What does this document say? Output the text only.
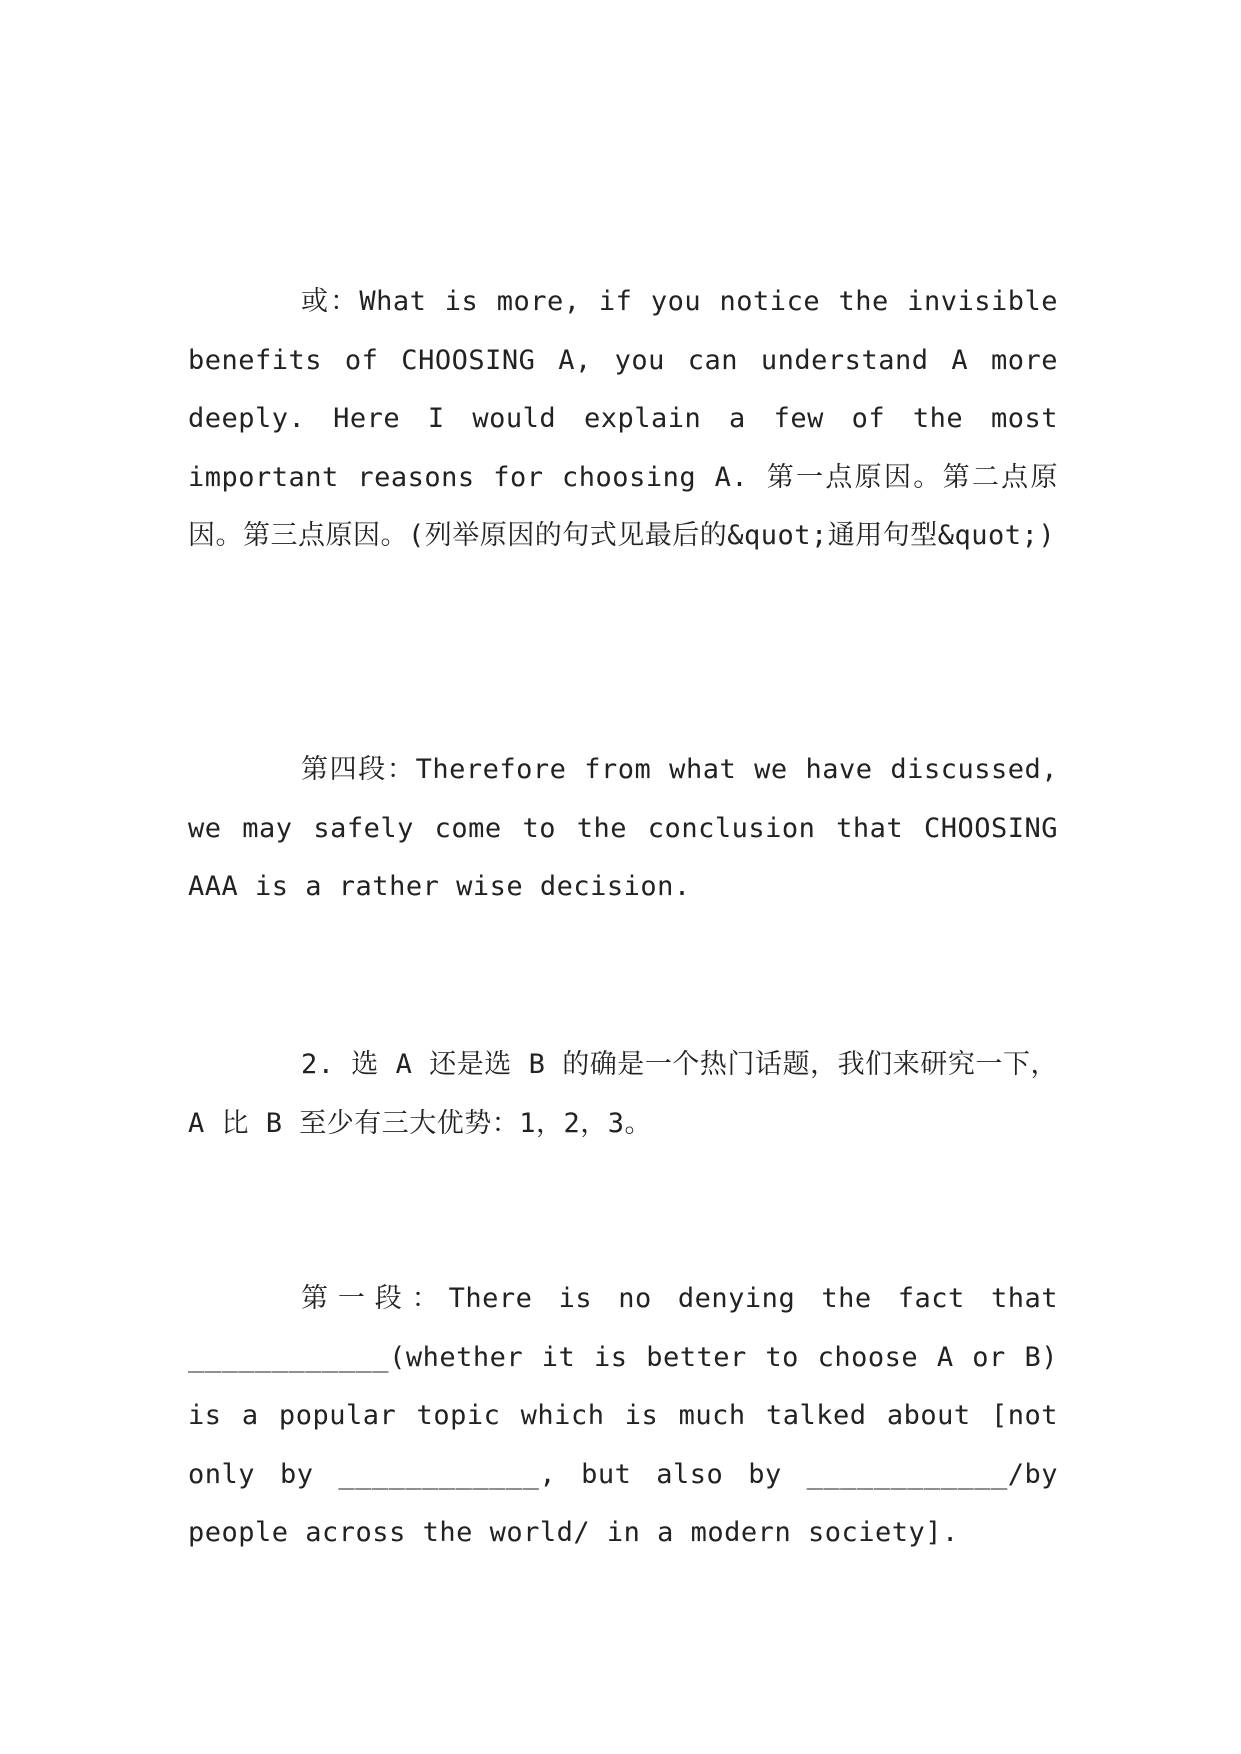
或：What is more, if you notice the invisible benefits of CHOOSING A, you can understand A more deeply. Here I would explain a few of the most important reasons for choosing A. 第一点原因。第二点原因。第三点原因。(列举原因的句式见最后的&quot;通用句型&quot;)

第四段：Therefore from what we have discussed, we may safely come to the conclusion that CHOOSING AAA is a rather wise decision.

2. 选 A 还是选 B 的确是一个热门话题，我们来研究一下，A 比 B 至少有三大优势：1，2，3。

第一段：There is no denying the fact that ____________(whether it is better to choose A or B) is a popular topic which is much talked about [not only by ____________, but also by ____________/by people across the world/ in a modern society].
